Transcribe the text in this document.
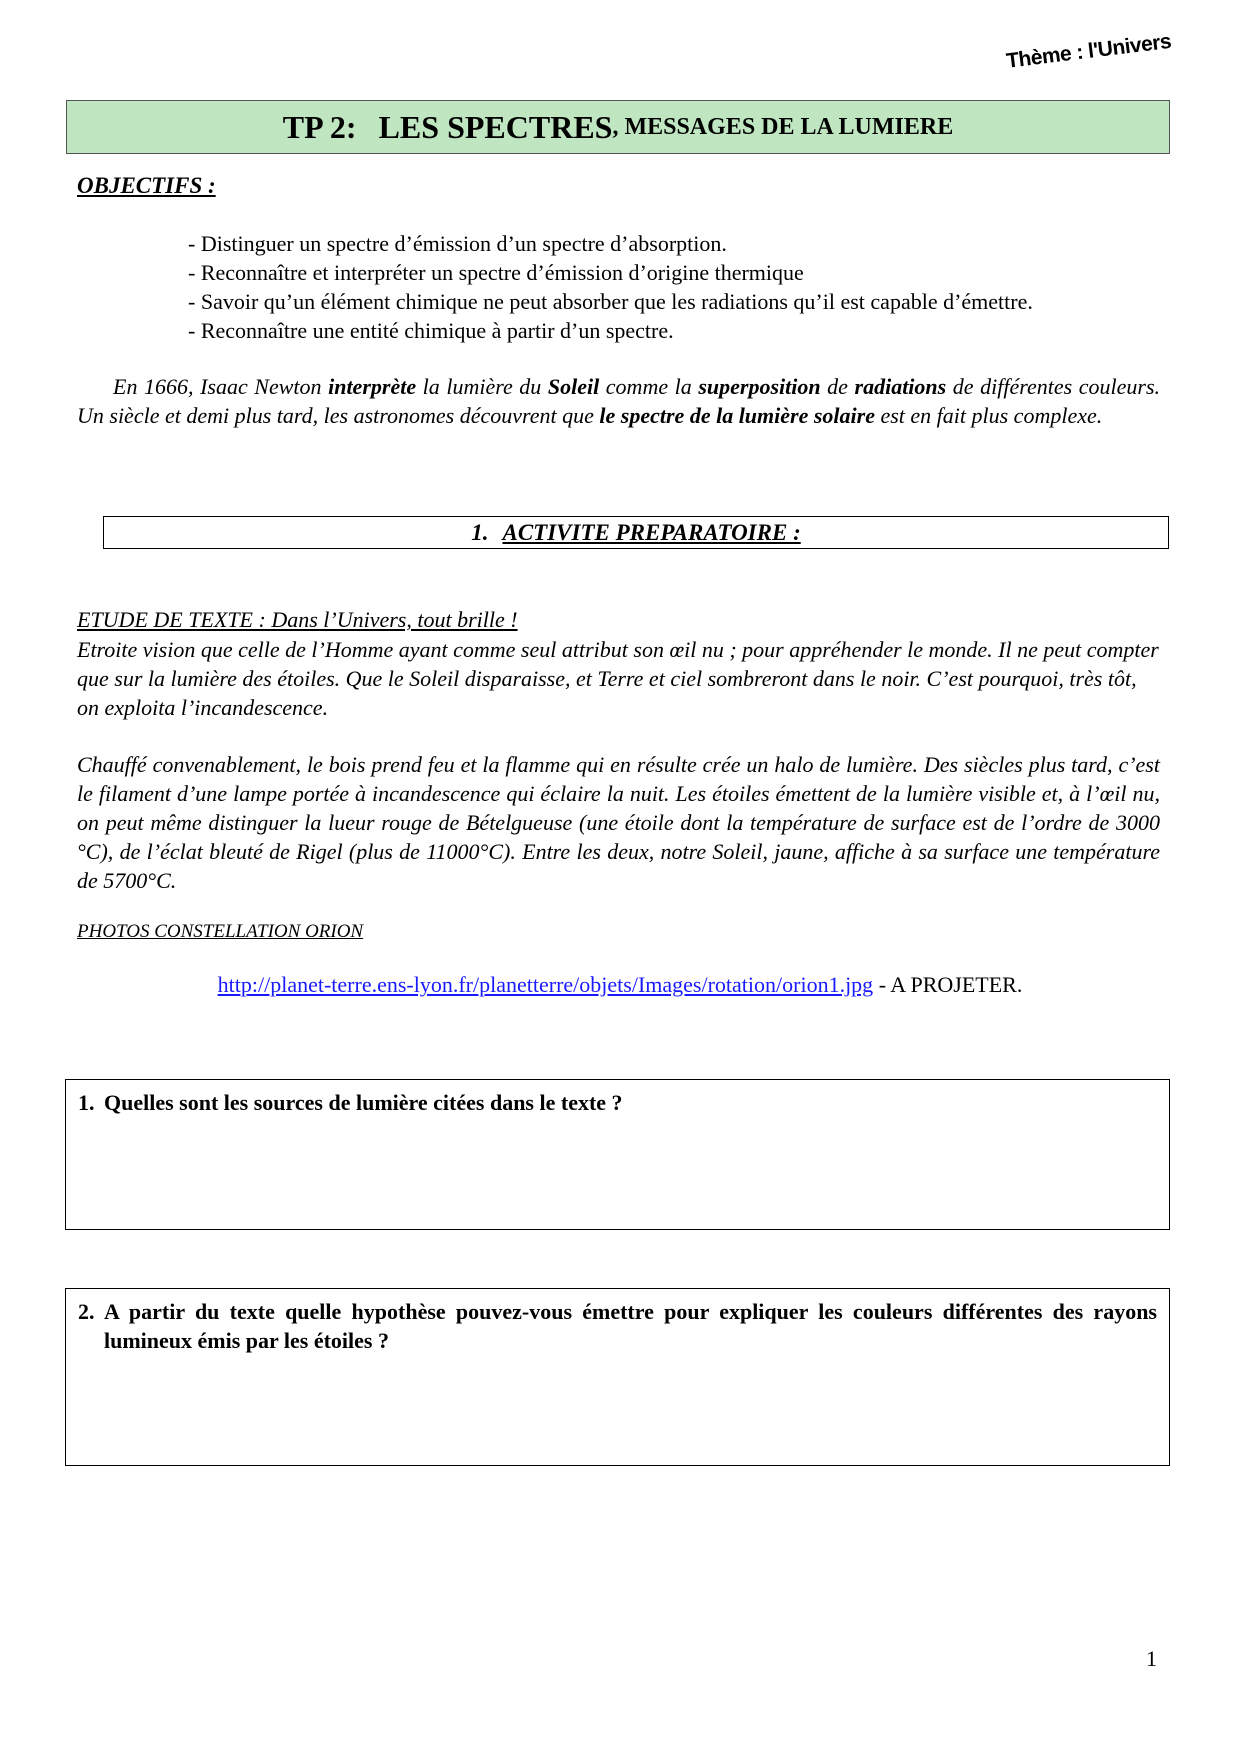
Thème : l'Univers
TP 2: LES SPECTRES , MESSAGES DE LA LUMIERE
OBJECTIFS :
- Distinguer un spectre d’émission d’un spectre d’absorption.
- Reconnaître et interpréter un spectre d’émission d’origine thermique
- Savoir qu’un élément chimique ne peut absorber que les radiations qu’il est capable d’émettre.
- Reconnaître une entité chimique à partir d’un spectre.

En 1666, Isaac Newton interprète la lumière du Soleil comme la superposition de radiations de différentes couleurs. Un siècle et demi plus tard, les astronomes découvrent que le spectre de la lumière solaire est en fait plus complexe.

1. ACTIVITE PREPARATOIRE :
ETUDE DE TEXTE : Dans l’Univers, tout brille !

Etroite vision que celle de l’Homme ayant comme seul attribut son œil nu ; pour appréhender le monde. Il ne peut compter que sur la lumière des étoiles. Que le Soleil disparaisse, et Terre et ciel sombreront dans le noir. C’est pourquoi, très tôt, on exploita l’incandescence.

Chauffé convenablement, le bois prend feu et la flamme qui en résulte crée un halo de lumière. Des siècles plus tard, c’est le filament d’une lampe portée à incandescence qui éclaire la nuit. Les étoiles émettent de la lumière visible et, à l’œil nu, on peut même distinguer la lueur rouge de Bételgueuse (une étoile dont la température de surface est de l’ordre de 3000 °C), de l’éclat bleuté de Rigel (plus de 11000°C). Entre les deux, notre Soleil, jaune, affiche à sa surface une température de 5700°C.

PHOTOS CONSTELLATION ORION
http://planet-terre.ens-lyon.fr/planetterre/objets/Images/rotation/orion1.jpg - A PROJETER.
1. Quelles sont les sources de lumière citées dans le texte ?
2. A partir du texte quelle hypothèse pouvez-vous émettre pour expliquer les couleurs différentes des rayons lumineux émis par les étoiles ?
1
